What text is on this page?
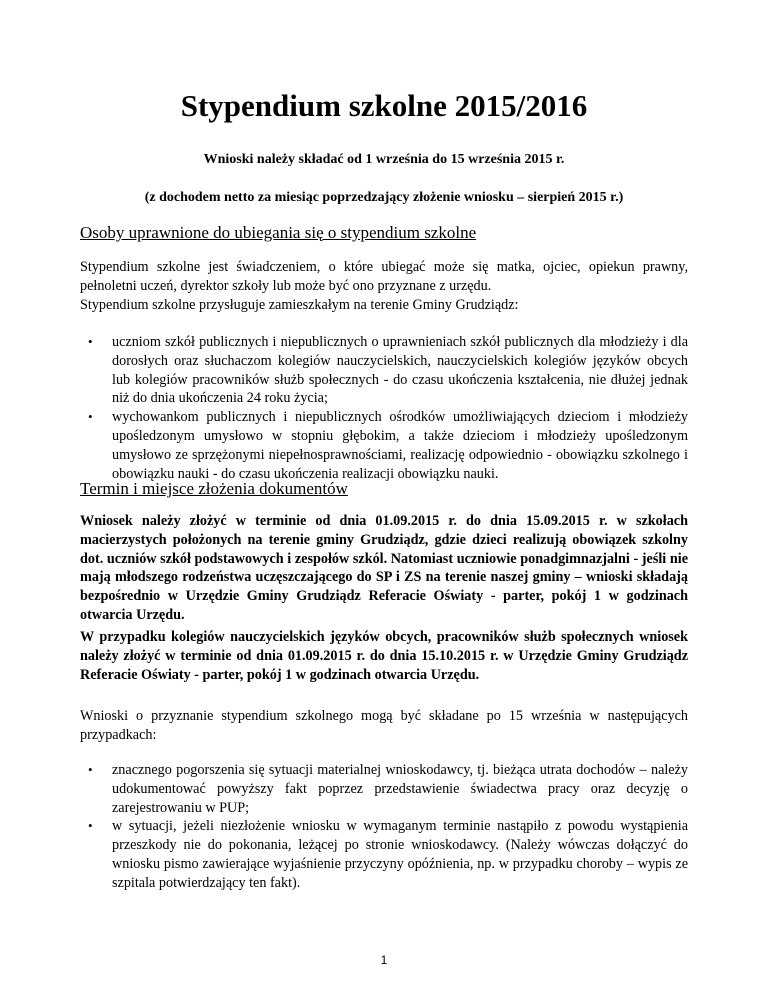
Stypendium szkolne 2015/2016
Wnioski należy składać od 1 września do 15 września 2015 r.
(z dochodem netto za miesiąc poprzedzający złożenie wniosku – sierpień 2015 r.)
Osoby uprawnione do ubiegania się o stypendium szkolne

Stypendium szkolne jest świadczeniem, o które ubiegać może się matka, ojciec, opiekun prawny, pełnoletni uczeń, dyrektor szkoły lub może być ono przyznane z urzędu.

Stypendium szkolne przysługuje zamieszkałym na terenie Gminy Grudziądz:

•	uczniom szkół publicznych i niepublicznych o uprawnieniach szkół publicznych dla młodzieży i dla dorosłych oraz słuchaczom kolegiów nauczycielskich, nauczycielskich kolegiów języków obcych lub kolegiów pracowników służb społecznych - do czasu ukończenia kształcenia, nie dłużej jednak niż do dnia ukończenia 24 roku życia;
•	wychowankom publicznych i niepublicznych ośrodków umożliwiających dzieciom i młodzieży upośledzonym umysłowo w stopniu głębokim, a także dzieciom i młodzieży upośledzonym umysłowo ze sprzężonymi niepełnosprawnościami, realizację odpowiednio - obowiązku szkolnego i obowiązku nauki - do czasu ukończenia realizacji obowiązku nauki.
Termin i miejsce złożenia dokumentów

Wniosek należy złożyć w terminie od dnia 01.09.2015 r. do dnia 15.09.2015 r. w szkołach macierzystych położonych na terenie gminy Grudziądz, gdzie dzieci realizują obowiązek szkolny dot. uczniów szkół podstawowych i zespołów szkól. Natomiast uczniowie ponadgimnazjalni - jeśli nie mają młodszego rodzeństwa uczęszczającego do SP i ZS na terenie naszej gminy – wnioski składają bezpośrednio w Urzędzie Gminy Grudziądz Referacie Oświaty - parter, pokój 1 w godzinach otwarcia Urzędu.

W przypadku kolegiów nauczycielskich języków obcych, pracowników służb społecznych wniosek należy złożyć w terminie od dnia 01.09.2015 r. do dnia 15.10.2015 r. w Urzędzie Gminy Grudziądz Referacie Oświaty - parter, pokój 1 w godzinach otwarcia Urzędu.

Wnioski o przyznanie stypendium szkolnego mogą być składane po 15 września w następujących przypadkach:

•	znacznego pogorszenia się sytuacji materialnej wnioskodawcy, tj. bieżąca utrata dochodów – należy udokumentować powyższy fakt poprzez przedstawienie świadectwa pracy oraz decyzję o zarejestrowaniu w PUP;
•	w sytuacji, jeżeli niezłożenie wniosku w wymaganym terminie nastąpiło z powodu wystąpienia przeszkody nie do pokonania, leżącej po stronie wnioskodawcy. (Należy wówczas dołączyć do wniosku pismo zawierające wyjaśnienie przyczyny opóźnienia, np. w przypadku choroby – wypis ze szpitala potwierdzający ten fakt).
1
